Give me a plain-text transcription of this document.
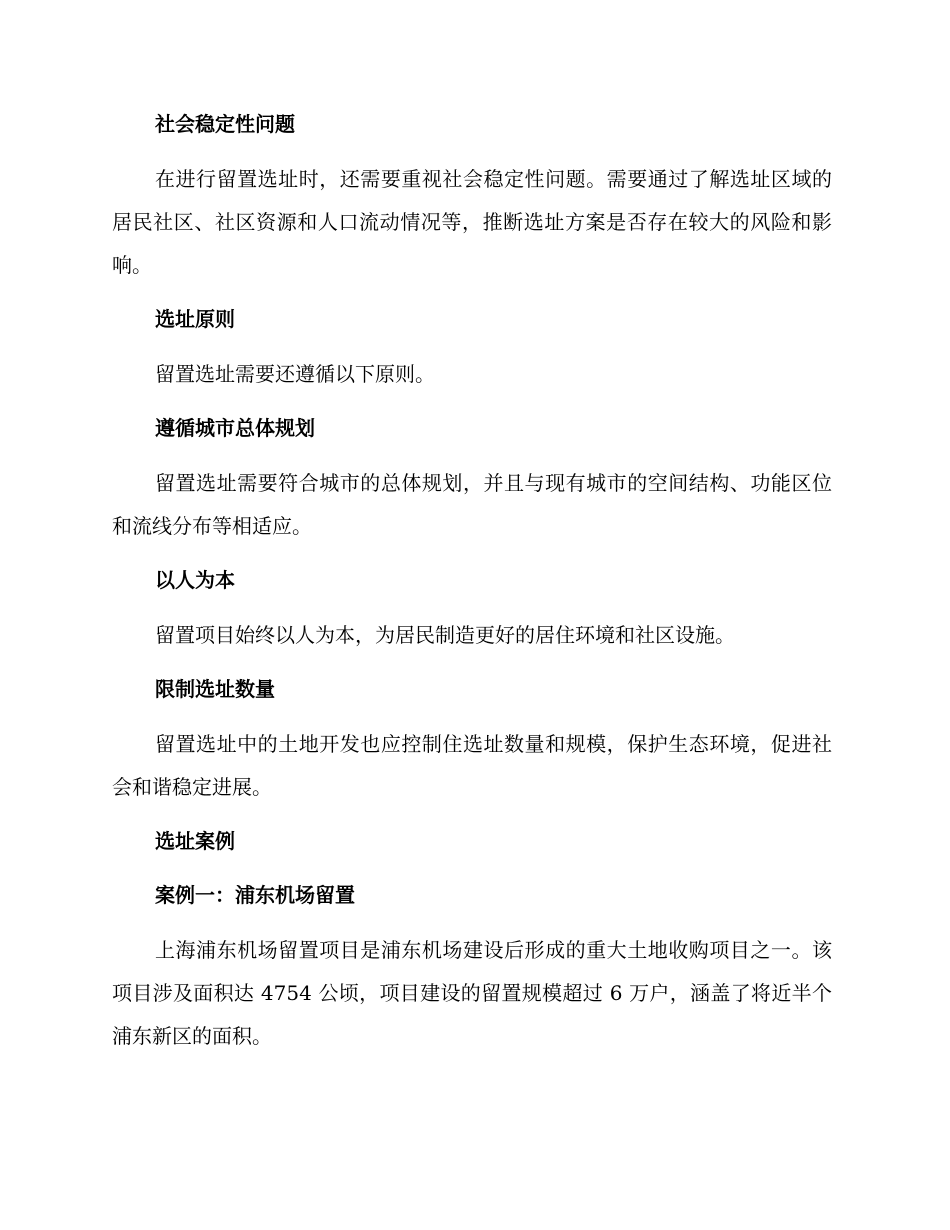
社会稳定性问题

在进行留置选址时，还需要重视社会稳定性问题。需要通过了解选址区域的居民社区、社区资源和人口流动情况等，推断选址方案是否存在较大的风险和影响。

选址原则

留置选址需要还遵循以下原则。

遵循城市总体规划

留置选址需要符合城市的总体规划，并且与现有城市的空间结构、功能区位和流线分布等相适应。

以人为本

留置项目始终以人为本，为居民制造更好的居住环境和社区设施。

限制选址数量

留置选址中的土地开发也应控制住选址数量和规模，保护生态环境，促进社会和谐稳定进展。

选址案例
案例一：浦东机场留置

上海浦东机场留置项目是浦东机场建设后形成的重大土地收购项目之一。该项目涉及面积达 4754 公顷，项目建设的留置规模超过 6 万户，涵盖了将近半个浦东新区的面积。
